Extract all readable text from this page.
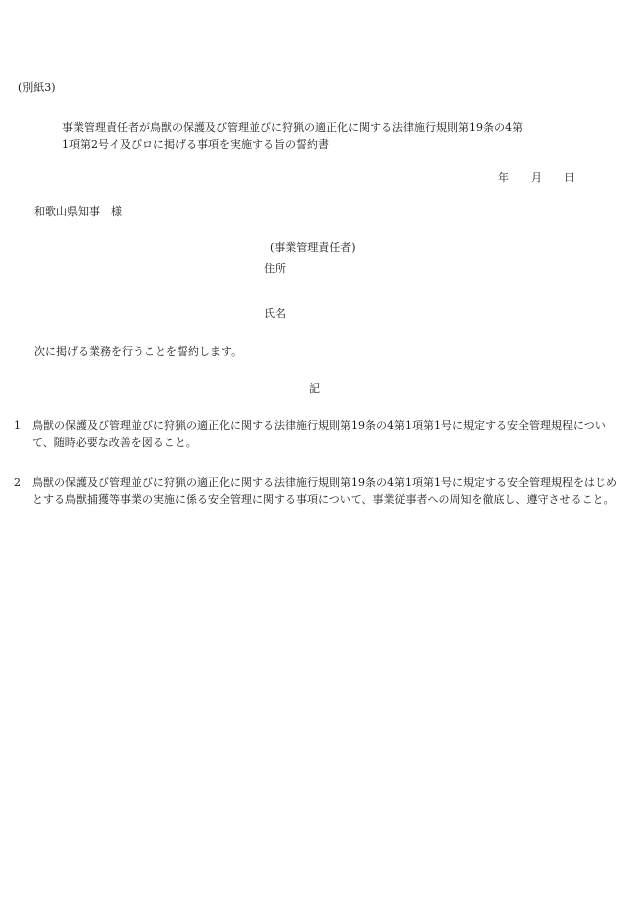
(別紙3)
事業管理責任者が鳥獣の保護及び管理並びに狩猟の適正化に関する法律施行規則第19条の4第
1項第2号イ及びロに掲げる事項を実施する旨の誓約書
年 月 日
和歌山県知事　様
(事業管理責任者)
住所
氏名
次に掲げる業務を行うことを誓約します。
記
1 鳥獣の保護及び管理並びに狩猟の適正化に関する法律施行規則第19条の4第1項第1号に規定する安全管理規程について、随時必要な改善を図ること。
2 鳥獣の保護及び管理並びに狩猟の適正化に関する法律施行規則第19条の4第1項第1号に規定する安全管理規程をはじめとする鳥獣捕獲等事業の実施に係る安全管理に関する事項について、事業従事者への周知を徹底し、遵守させること。
